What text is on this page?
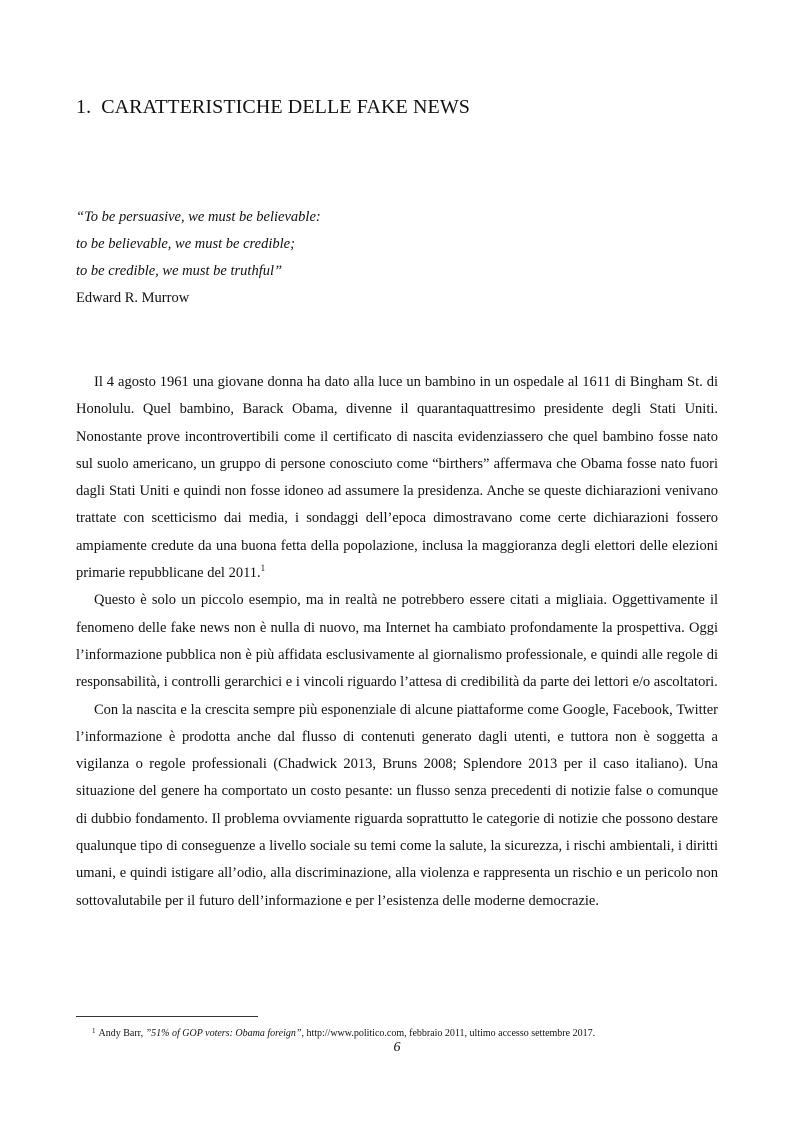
1. CARATTERISTICHE DELLE FAKE NEWS
“To be persuasive, we must be believable:
to be believable, we must be credible;
to be credible, we must be truthful”
Edward R. Murrow

Il 4 agosto 1961 una giovane donna ha dato alla luce un bambino in un ospedale al 1611 di Bingham St. di Honolulu. Quel bambino, Barack Obama, divenne il quarantaquattresimo presidente degli Stati Uniti. Nonostante prove incontrovertibili come il certificato di nascita evidenziassero che quel bambino fosse nato sul suolo americano, un gruppo di persone conosciuto come “birthers” affermava che Obama fosse nato fuori dagli Stati Uniti e quindi non fosse idoneo ad assumere la presidenza. Anche se queste dichiarazioni venivano trattate con scetticismo dai media, i sondaggi dell’epoca dimostravano come certe dichiarazioni fossero ampiamente credute da una buona fetta della popolazione, inclusa la maggioranza degli elettori delle elezioni primarie repubblicane del 2011.$^1$

Questo è solo un piccolo esempio, ma in realtà ne potrebbero essere citati a migliaia. Oggettivamente il fenomeno delle fake news non è nulla di nuovo, ma Internet ha cambiato profondamente la prospettiva. Oggi l’informazione pubblica non è più affidata esclusivamente al giornalismo professionale, e quindi alle regole di responsabilità, i controlli gerarchici e i vincoli riguardo l’attesa di credibilità da parte dei lettori e/o ascoltatori.

Con la nascita e la crescita sempre più esponenziale di alcune piattaforme come Google, Facebook, Twitter l’informazione è prodotta anche dal flusso di contenuti generato dagli utenti, e tuttora non è soggetta a vigilanza o regole professionali (Chadwick 2013, Bruns 2008; Splendore 2013 per il caso italiano). Una situazione del genere ha comportato un costo pesante: un flusso senza precedenti di notizie false o comunque di dubbio fondamento. Il problema ovviamente riguarda soprattutto le categorie di notizie che possono destare qualunque tipo di conseguenze a livello sociale su temi come la salute, la sicurezza, i rischi ambientali, i diritti umani, e quindi istigare all’odio, alla discriminazione, alla violenza e rappresenta un rischio e un pericolo non sottovalutabile per il futuro dell’informazione e per l’esistenza delle moderne democrazie.

$^1$ Andy Barr, ”51% of GOP voters: Obama foreign”, http://www.politico.com, febbraio 2011, ultimo accesso settembre 2017.
6
